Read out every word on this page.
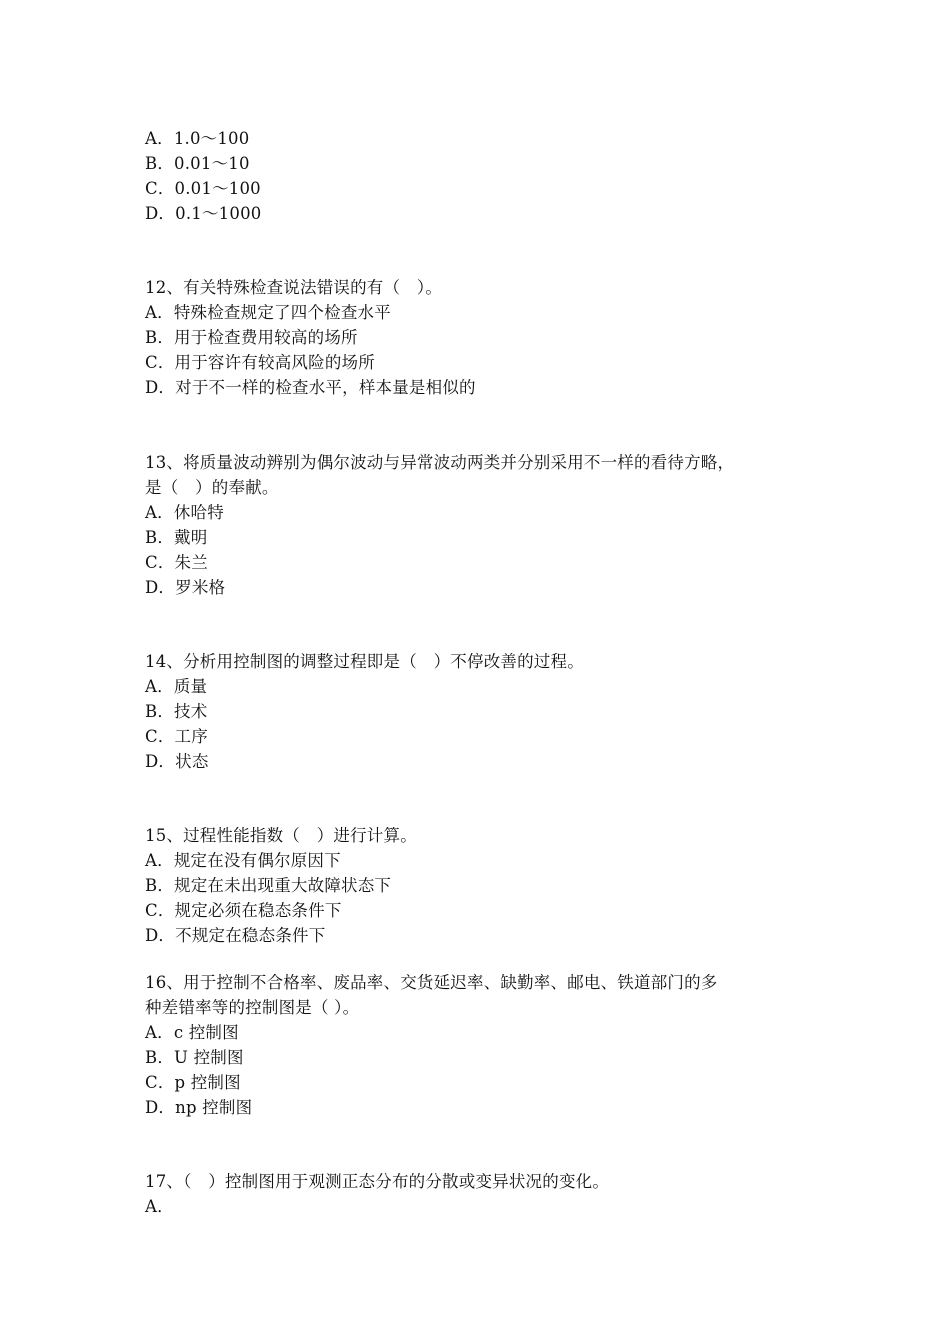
A．1.0～100
B．0.01～10
C．0.01～100
D．0.1～1000
12、有关特殊检查说法错误的有（　）。
A．特殊检查规定了四个检查水平
B．用于检查费用较高的场所
C．用于容许有较高风险的场所
D．对于不一样的检查水平，样本量是相似的
13、将质量波动辨别为偶尔波动与异常波动两类并分别采用不一样的看待方略，
是（　）的奉献。
A．休哈特
B．戴明
C．朱兰
D．罗米格
14、分析用控制图的调整过程即是（　）不停改善的过程。
A．质量
B．技术
C．工序
D．状态
15、过程性能指数（　）进行计算。
A．规定在没有偶尔原因下
B．规定在未出现重大故障状态下
C．规定必须在稳态条件下
D．不规定在稳态条件下
16、用于控制不合格率、废品率、交货延迟率、缺勤率、邮电、铁道部门的多
种差错率等的控制图是（ ）。
A．c 控制图
B．U 控制图
C．p 控制图
D．np 控制图
17、（　）控制图用于观测正态分布的分散或变异状况的变化。
A．
